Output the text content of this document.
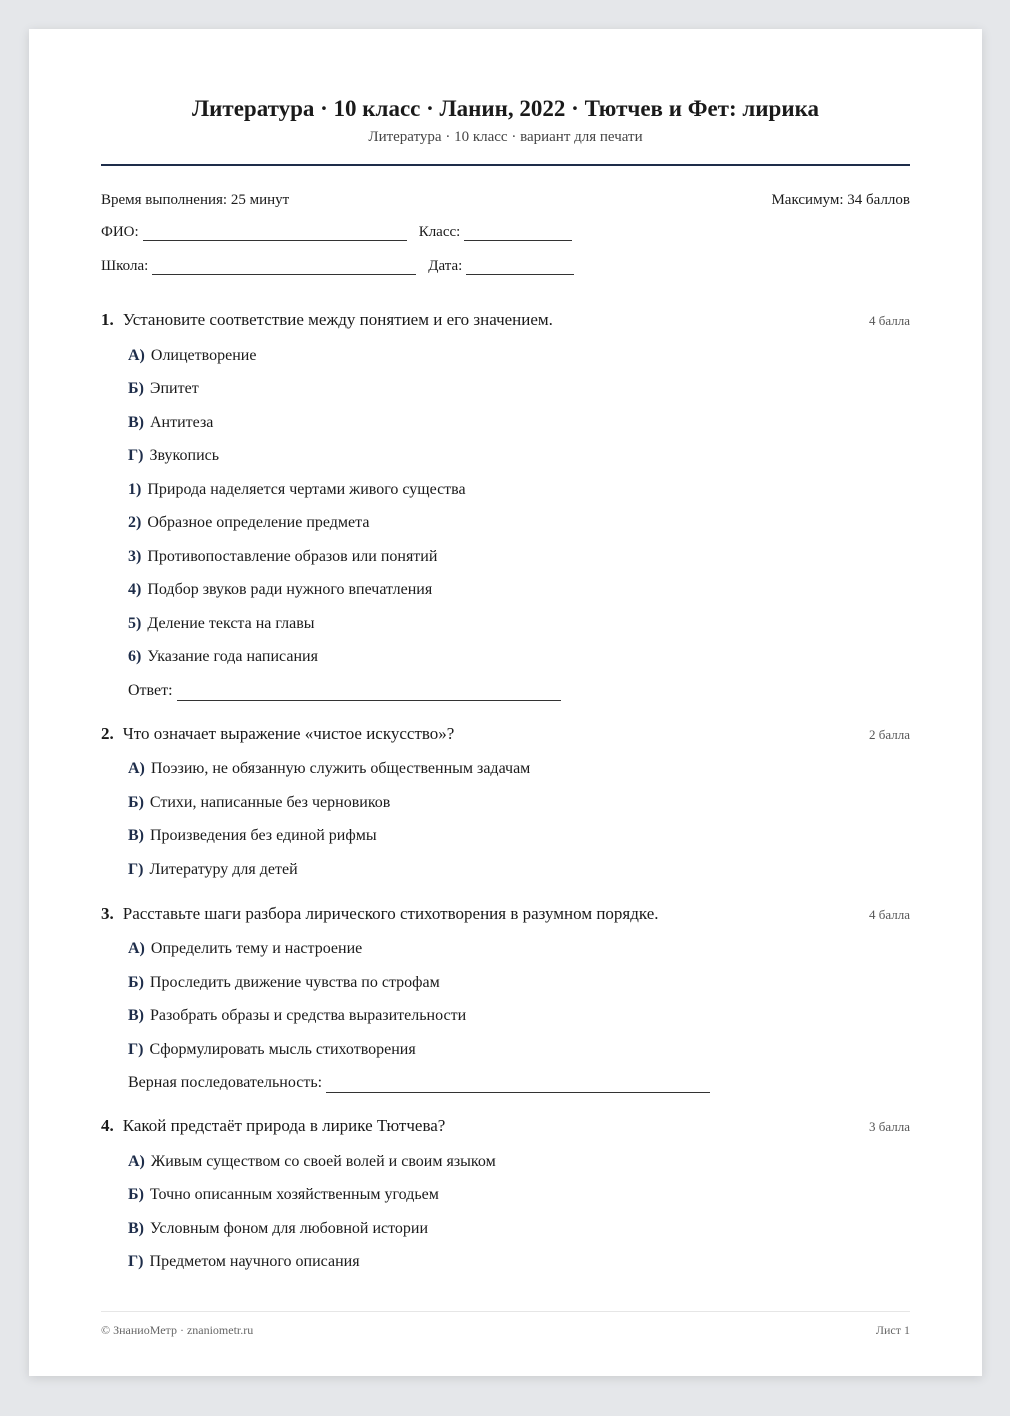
Литература · 10 класс · Ланин, 2022 · Тютчев и Фет: лирика
Литература · 10 класс · вариант для печати
Время выполнения: 25 минут	Максимум: 34 баллов
ФИО:	Класс:
Школа:	Дата:
1. Установите соответствие между понятием и его значением.	4 балла
А) Олицетворение
Б) Эпитет
В) Антитеза
Г) Звукопись
1) Природа наделяется чертами живого существа
2) Образное определение предмета
3) Противопоставление образов или понятий
4) Подбор звуков ради нужного впечатления
5) Деление текста на главы
6) Указание года написания
Ответ:
2. Что означает выражение «чистое искусство»?	2 балла
А) Поэзию, не обязанную служить общественным задачам
Б) Стихи, написанные без черновиков
В) Произведения без единой рифмы
Г) Литературу для детей
3. Расставьте шаги разбора лирического стихотворения в разумном порядке.	4 балла
А) Определить тему и настроение
Б) Проследить движение чувства по строфам
В) Разобрать образы и средства выразительности
Г) Сформулировать мысль стихотворения
Верная последовательность:
4. Какой предстаёт природа в лирике Тютчева?	3 балла
А) Живым существом со своей волей и своим языком
Б) Точно описанным хозяйственным угодьем
В) Условным фоном для любовной истории
Г) Предметом научного описания
© ЗнаниоМетр · znaniometr.ru	Лист 1
